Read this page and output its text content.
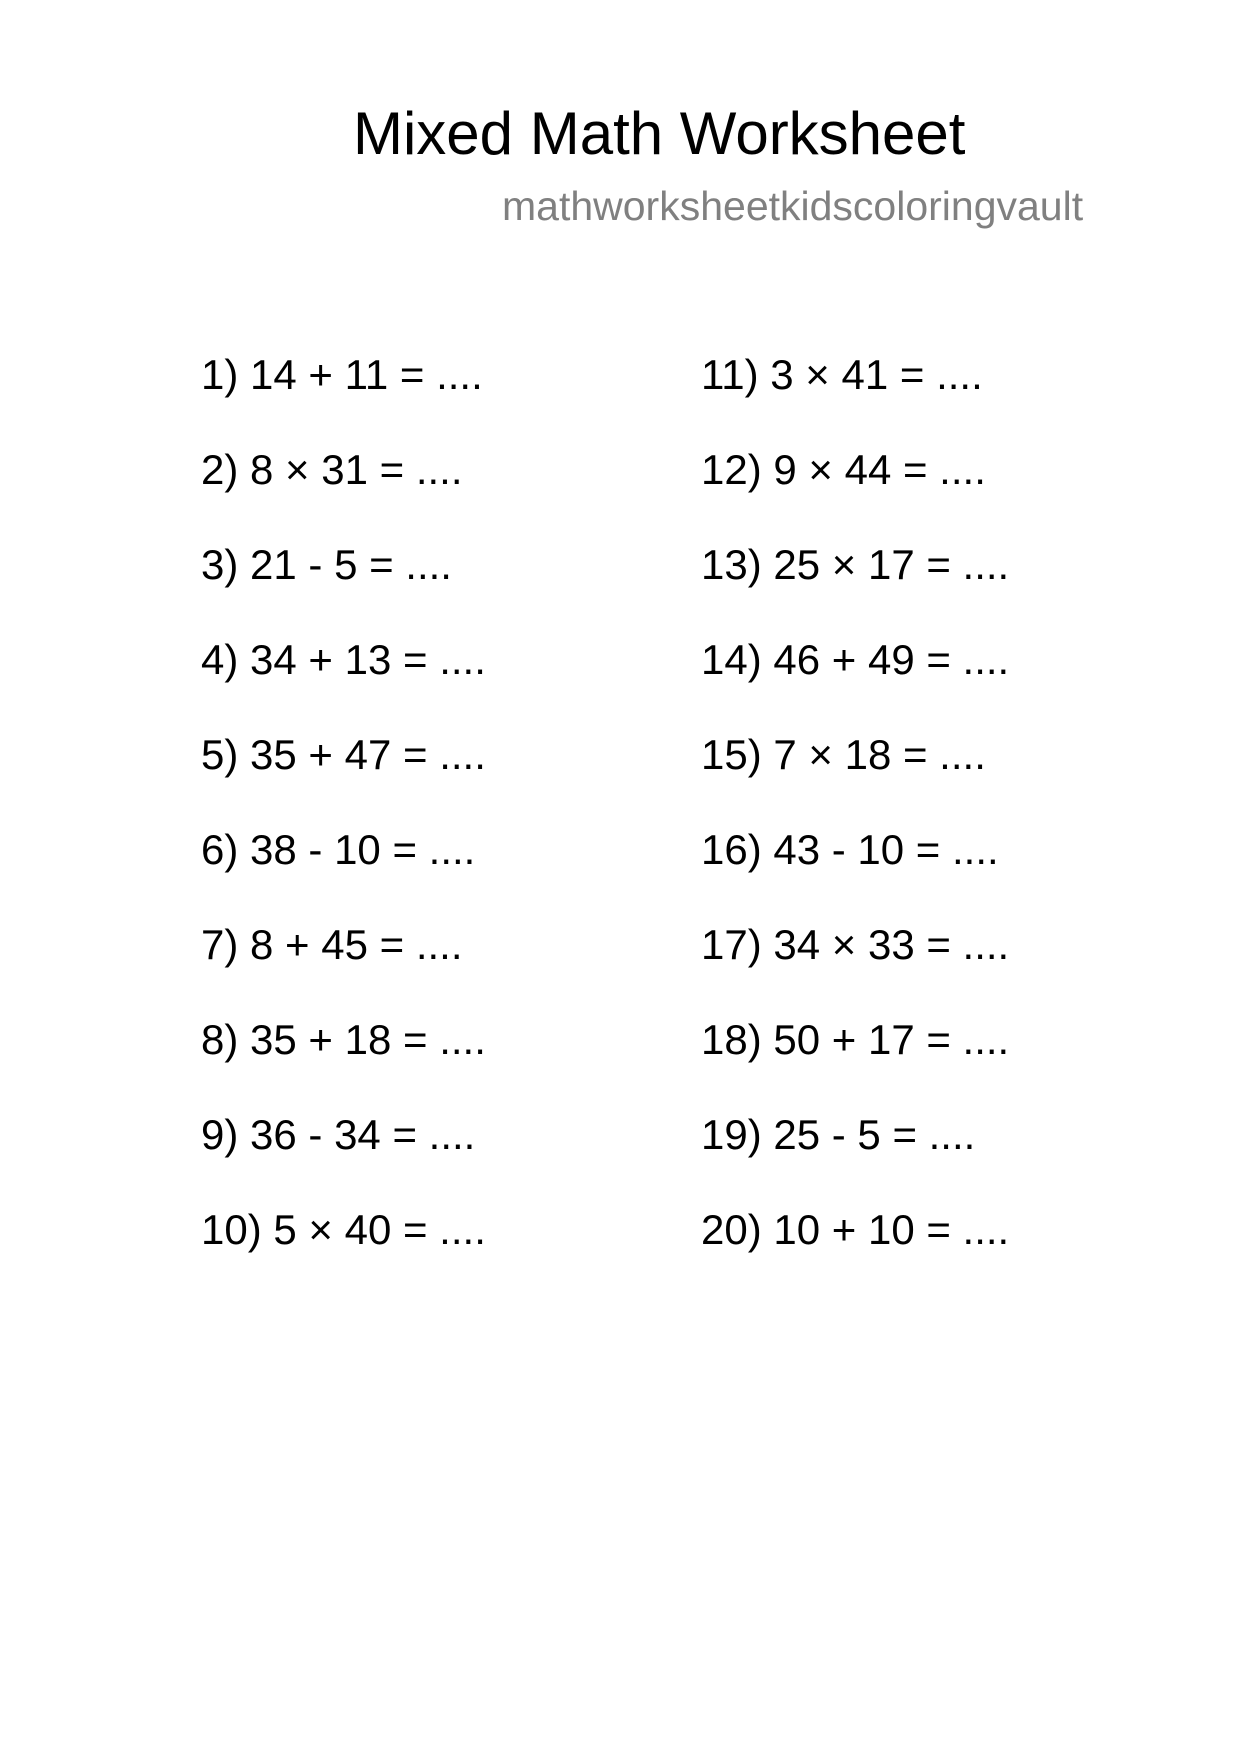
Mixed Math Worksheet
mathworksheetkidscoloringvault
1) 14 + 11 = ....
2) 8 × 31 = ....
3) 21 - 5 = ....
4) 34 + 13 = ....
5) 35 + 47 = ....
6) 38 - 10 = ....
7) 8 + 45 = ....
8) 35 + 18 = ....
9) 36 - 34 = ....
10) 5 × 40 = ....
11) 3 × 41 = ....
12) 9 × 44 = ....
13) 25 × 17 = ....
14) 46 + 49 = ....
15) 7 × 18 = ....
16) 43 - 10 = ....
17) 34 × 33 = ....
18) 50 + 17 = ....
19) 25 - 5 = ....
20) 10 + 10 = ....
